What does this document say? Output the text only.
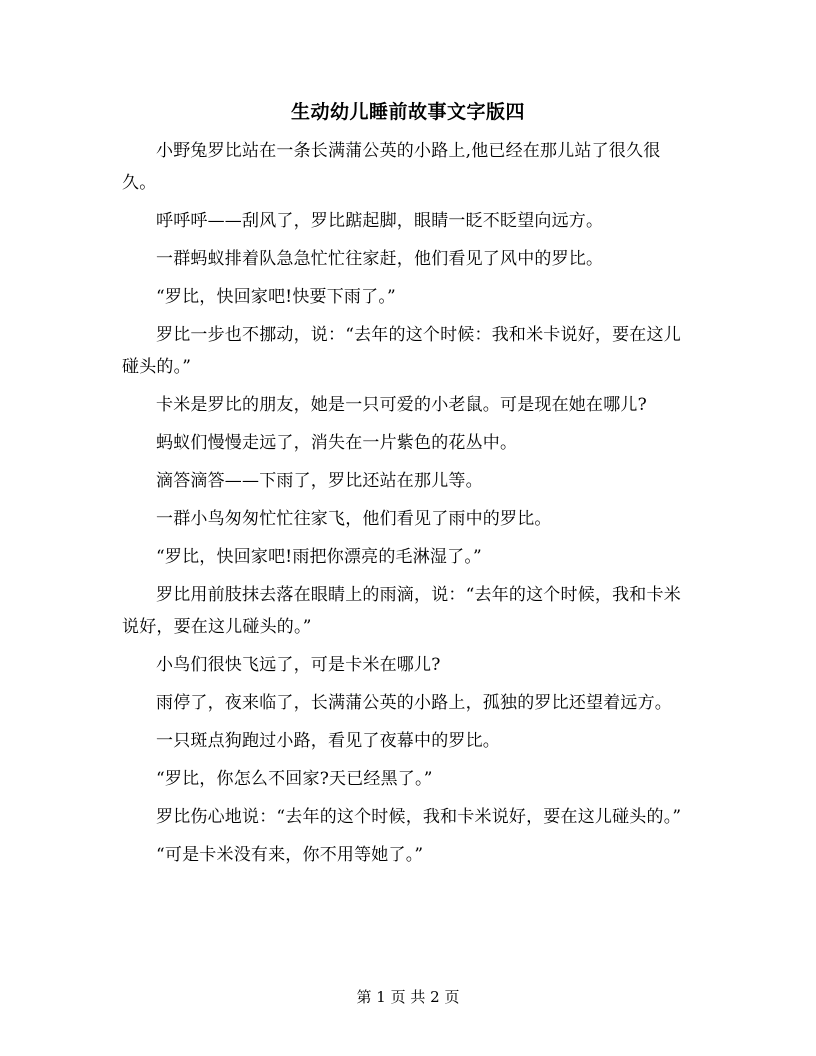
生动幼儿睡前故事文字版四

小野兔罗比站在一条长满蒲公英的小路上,他已经在那儿站了很久很久。

呼呼呼——刮风了，罗比踮起脚，眼睛一眨不眨望向远方。

一群蚂蚁排着队急急忙忙往家赶，他们看见了风中的罗比。

“罗比，快回家吧!快要下雨了。”

罗比一步也不挪动，说：“去年的这个时候：我和米卡说好，要在这儿碰头的。”

卡米是罗比的朋友，她是一只可爱的小老鼠。可是现在她在哪儿?

蚂蚁们慢慢走远了，消失在一片紫色的花丛中。

滴答滴答——下雨了，罗比还站在那儿等。

一群小鸟匆匆忙忙往家飞，他们看见了雨中的罗比。

“罗比，快回家吧!雨把你漂亮的毛淋湿了。”

罗比用前肢抹去落在眼睛上的雨滴，说：“去年的这个时候，我和卡米说好，要在这儿碰头的。”

小鸟们很快飞远了，可是卡米在哪儿?

雨停了，夜来临了，长满蒲公英的小路上，孤独的罗比还望着远方。

一只斑点狗跑过小路，看见了夜幕中的罗比。

“罗比，你怎么不回家?天已经黑了。”

罗比伤心地说：“去年的这个时候，我和卡米说好，要在这儿碰头的。”

“可是卡米没有来，你不用等她了。”

第 1 页 共 2 页
